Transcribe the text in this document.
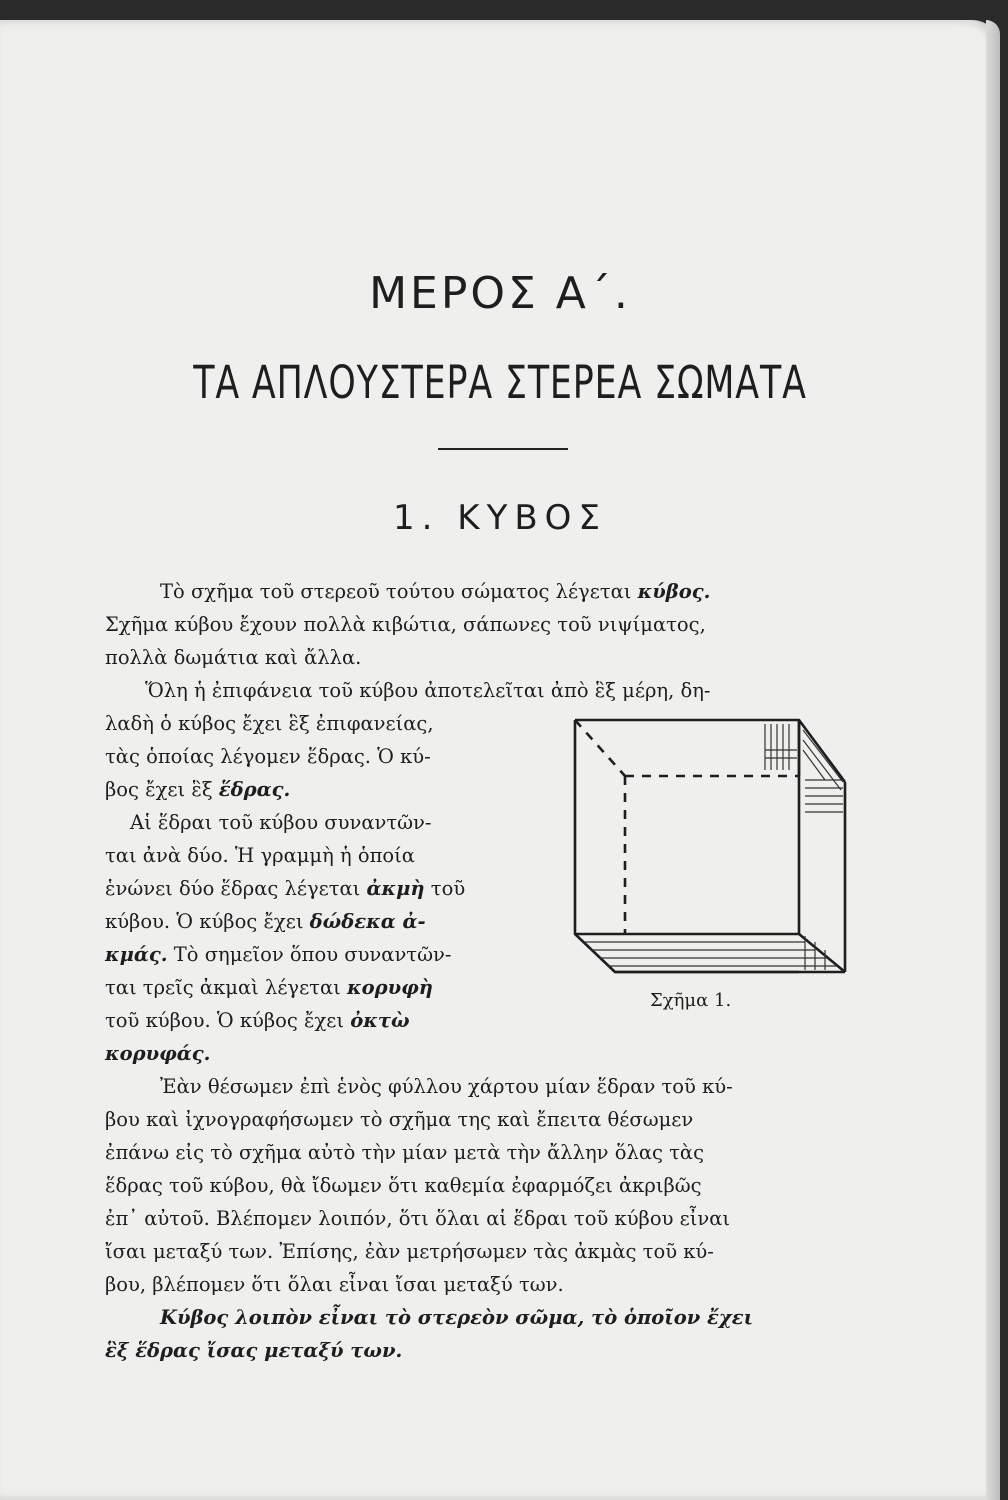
ΜΕΡΟΣ Α΄.
ΤΑ ΑΠΛΟΥΣΤΕΡΑ ΣΤΕΡΕΑ ΣΩΜΑΤΑ
1. ΚΥΒΟΣ
Τὸ σχῆμα τοῦ στερεοῦ τούτου σώματος λέγεται κύβος.
Σχῆμα κύβου ἔχουν πολλὰ κιβώτια, σάπωνες τοῦ νιψίματος,
πολλὰ δωμάτια καὶ ἄλλα.
Ὅλη ἡ ἐπιφάνεια τοῦ κύβου ἀποτελεῖται ἀπὸ ἓξ μέρη, δη-
λαδὴ ὁ κύβος ἔχει ἓξ ἐπιφανείας,
τὰς ὁποίας λέγομεν ἕδρας. Ὁ κύ-
βος ἔχει ἓξ ἕδρας.
Αἱ ἕδραι τοῦ κύβου συναντῶν-
ται ἀνὰ δύο. Ἡ γραμμὴ ἡ ὁποία
ἑνώνει δύο ἕδρας λέγεται ἀκμὴ τοῦ
κύβου. Ὁ κύβος ἔχει δώδεκα ἀ-
κμάς. Τὸ σημεῖον ὅπου συναντῶν-
ται τρεῖς ἀκμαὶ λέγεται κορυφὴ
τοῦ κύβου. Ὁ κύβος ἔχει ὀκτὼ
κορυφάς.
Ἐὰν θέσωμεν ἐπὶ ἑνὸς φύλλου χάρτου μίαν ἕδραν τοῦ κύ-
βου καὶ ἰχνογραφήσωμεν τὸ σχῆμα της καὶ ἔπειτα θέσωμεν
ἐπάνω εἰς τὸ σχῆμα αὐτὸ τὴν μίαν μετὰ τὴν ἄλλην ὅλας τὰς
ἕδρας τοῦ κύβου, θὰ ἴδωμεν ὅτι καθεμία ἐφαρμόζει ἀκριβῶς
ἐπ᾽ αὐτοῦ. Βλέπομεν λοιπόν, ὅτι ὅλαι αἱ ἕδραι τοῦ κύβου εἶναι
ἴσαι μεταξύ των. Ἐπίσης, ἐὰν μετρήσωμεν τὰς ἀκμὰς τοῦ κύ-
βου, βλέπομεν ὅτι ὅλαι εἶναι ἴσαι μεταξύ των.
Κύβος λοιπὸν εἶναι τὸ στερεὸν σῶμα, τὸ ὁποῖον ἔχει
ἓξ ἕδρας ἴσας μεταξύ των.
Σχῆμα 1.
